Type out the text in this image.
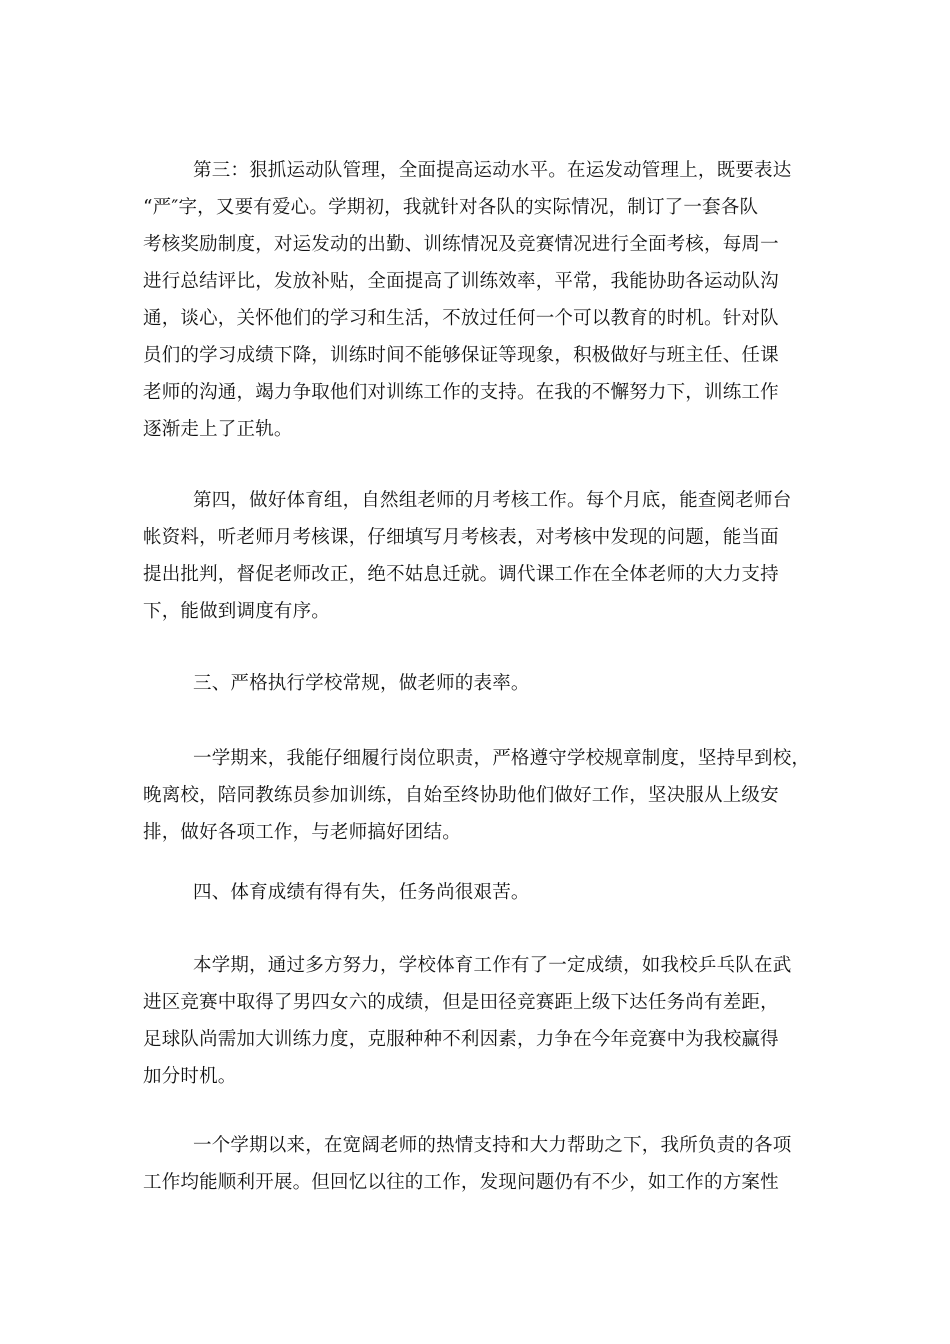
第三：狠抓运动队管理，全面提高运动水平。在运发动管理上，既要表达
“严″字，又要有爱心。学期初，我就针对各队的实际情况，制订了一套各队
考核奖励制度，对运发动的出勤、训练情况及竞赛情况进行全面考核，每周一
进行总结评比，发放补贴，全面提高了训练效率，平常，我能协助各运动队沟
通，谈心，关怀他们的学习和生活，不放过任何一个可以教育的时机。针对队
员们的学习成绩下降，训练时间不能够保证等现象，积极做好与班主任、任课
老师的沟通，竭力争取他们对训练工作的支持。在我的不懈努力下，训练工作
逐渐走上了正轨。
第四，做好体育组，自然组老师的月考核工作。每个月底，能查阅老师台
帐资料，听老师月考核课，仔细填写月考核表，对考核中发现的问题，能当面
提出批判，督促老师改正，绝不姑息迁就。调代课工作在全体老师的大力支持
下，能做到调度有序。
三、严格执行学校常规，做老师的表率。
一学期来，我能仔细履行岗位职责，严格遵守学校规章制度，坚持早到校，
晚离校，陪同教练员参加训练，自始至终协助他们做好工作，坚决服从上级安
排，做好各项工作，与老师搞好团结。
四、体育成绩有得有失，任务尚很艰苦。
本学期，通过多方努力，学校体育工作有了一定成绩，如我校乒乓队在武
进区竞赛中取得了男四女六的成绩，但是田径竞赛距上级下达任务尚有差距，
足球队尚需加大训练力度，克服种种不利因素，力争在今年竞赛中为我校赢得
加分时机。
一个学期以来，在宽阔老师的热情支持和大力帮助之下，我所负责的各项
工作均能顺利开展。但回忆以往的工作，发现问题仍有不少，如工作的方案性
